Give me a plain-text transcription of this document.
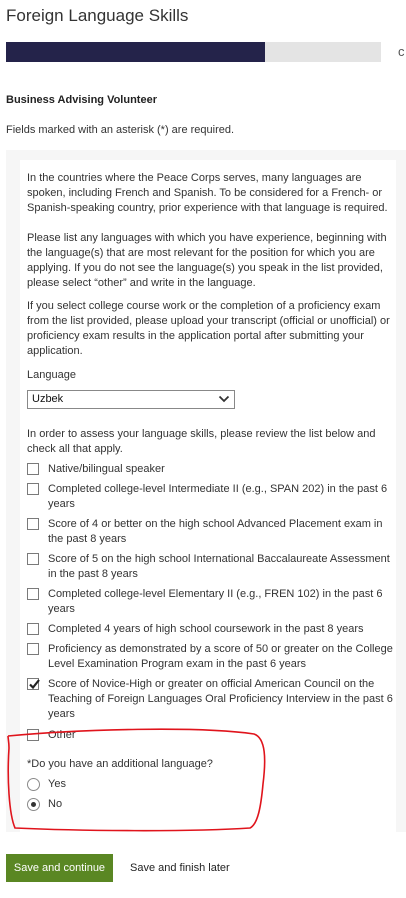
Foreign Language Skills
c
Business Advising Volunteer
Fields marked with an asterisk (*) are required.

In the countries where the Peace Corps serves, many languages are spoken, including French and Spanish. To be considered for a French- or Spanish-speaking country, prior experience with that language is required.

Please list any languages with which you have experience, beginning with the language(s) that are most relevant for the position for which you are applying. If you do not see the language(s) you speak in the list provided, please select “other” and write in the language.

If you select college course work or the completion of a proficiency exam from the list provided, please upload your transcript (official or unofficial) or proficiency exam results in the application portal after submitting your application.

Language
Uzbek

In order to assess your language skills, please review the list below and check all that apply.

Native/bilingual speaker
Completed college-level Intermediate II (e.g., SPAN 202) in the past 6 years
Score of 4 or better on the high school Advanced Placement exam in the past 8 years
Score of 5 on the high school International Baccalaureate Assessment in the past 8 years
Completed college-level Elementary II (e.g., FREN 102) in the past 6 years
Completed 4 years of high school coursework in the past 8 years
Proficiency as demonstrated by a score of 50 or greater on the College Level Examination Program exam in the past 6 years
Score of Novice-High or greater on official American Council on the Teaching of Foreign Languages Oral Proficiency Interview in the past 6 years
Other
*Do you have an additional language?
Yes
No
Save and continue	Save and finish later
